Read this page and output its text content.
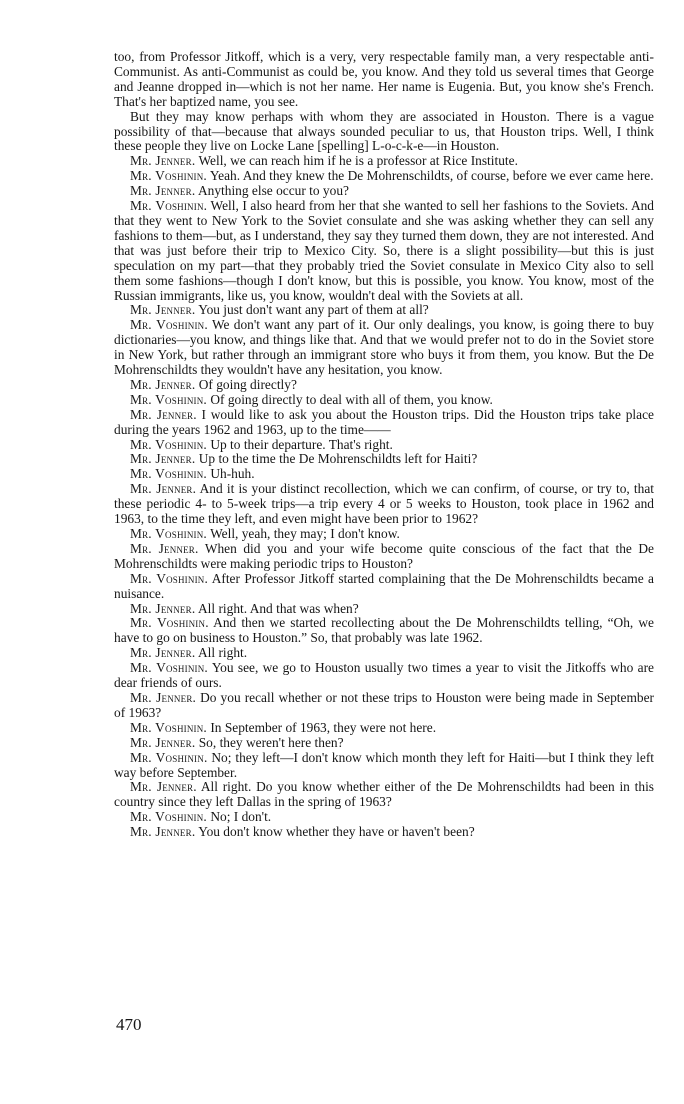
too, from Professor Jitkoff, which is a very, very respectable family man, a very respectable anti-Communist. As anti-Communist as could be, you know. And they told us several times that George and Jeanne dropped in—which is not her name. Her name is Eugenia. But, you know she's French. That's her baptized name, you see.

But they may know perhaps with whom they are associated in Houston. There is a vague possibility of that—because that always sounded peculiar to us, that Houston trips. Well, I think these people they live on Locke Lane [spelling] L-o-c-k-e—in Houston.

Mr. Jenner. Well, we can reach him if he is a professor at Rice Institute.

Mr. Voshinin. Yeah. And they knew the De Mohrenschildts, of course, before we ever came here.

Mr. Jenner. Anything else occur to you?

Mr. Voshinin. Well, I also heard from her that she wanted to sell her fashions to the Soviets. And that they went to New York to the Soviet consulate and she was asking whether they can sell any fashions to them—but, as I understand, they say they turned them down, they are not interested. And that was just before their trip to Mexico City. So, there is a slight possibility—but this is just speculation on my part—that they probably tried the Soviet consulate in Mexico City also to sell them some fashions—though I don't know, but this is possible, you know. You know, most of the Russian immigrants, like us, you know, wouldn't deal with the Soviets at all.

Mr. Jenner. You just don't want any part of them at all?

Mr. Voshinin. We don't want any part of it. Our only dealings, you know, is going there to buy dictionaries—you know, and things like that. And that we would prefer not to do in the Soviet store in New York, but rather through an immigrant store who buys it from them, you know. But the De Mohrenschildts they wouldn't have any hesitation, you know.

Mr. Jenner. Of going directly?

Mr. Voshinin. Of going directly to deal with all of them, you know.

Mr. Jenner. I would like to ask you about the Houston trips. Did the Houston trips take place during the years 1962 and 1963, up to the time——

Mr. Voshinin. Up to their departure. That's right.

Mr. Jenner. Up to the time the De Mohrenschildts left for Haiti?

Mr. Voshinin. Uh-huh.

Mr. Jenner. And it is your distinct recollection, which we can confirm, of course, or try to, that these periodic 4- to 5-week trips—a trip every 4 or 5 weeks to Houston, took place in 1962 and 1963, to the time they left, and even might have been prior to 1962?

Mr. Voshinin. Well, yeah, they may; I don't know.

Mr. Jenner. When did you and your wife become quite conscious of the fact that the De Mohrenschildts were making periodic trips to Houston?

Mr. Voshinin. After Professor Jitkoff started complaining that the De Mohrenschildts became a nuisance.

Mr. Jenner. All right. And that was when?

Mr. Voshinin. And then we started recollecting about the De Mohrenschildts telling, “Oh, we have to go on business to Houston.” So, that probably was late 1962.

Mr. Jenner. All right.

Mr. Voshinin. You see, we go to Houston usually two times a year to visit the Jitkoffs who are dear friends of ours.

Mr. Jenner. Do you recall whether or not these trips to Houston were being made in September of 1963?

Mr. Voshinin. In September of 1963, they were not here.

Mr. Jenner. So, they weren't here then?

Mr. Voshinin. No; they left—I don't know which month they left for Haiti—but I think they left way before September.

Mr. Jenner. All right. Do you know whether either of the De Mohrenschildts had been in this country since they left Dallas in the spring of 1963?

Mr. Voshinin. No; I don't.

Mr. Jenner. You don't know whether they have or haven't been?

470
